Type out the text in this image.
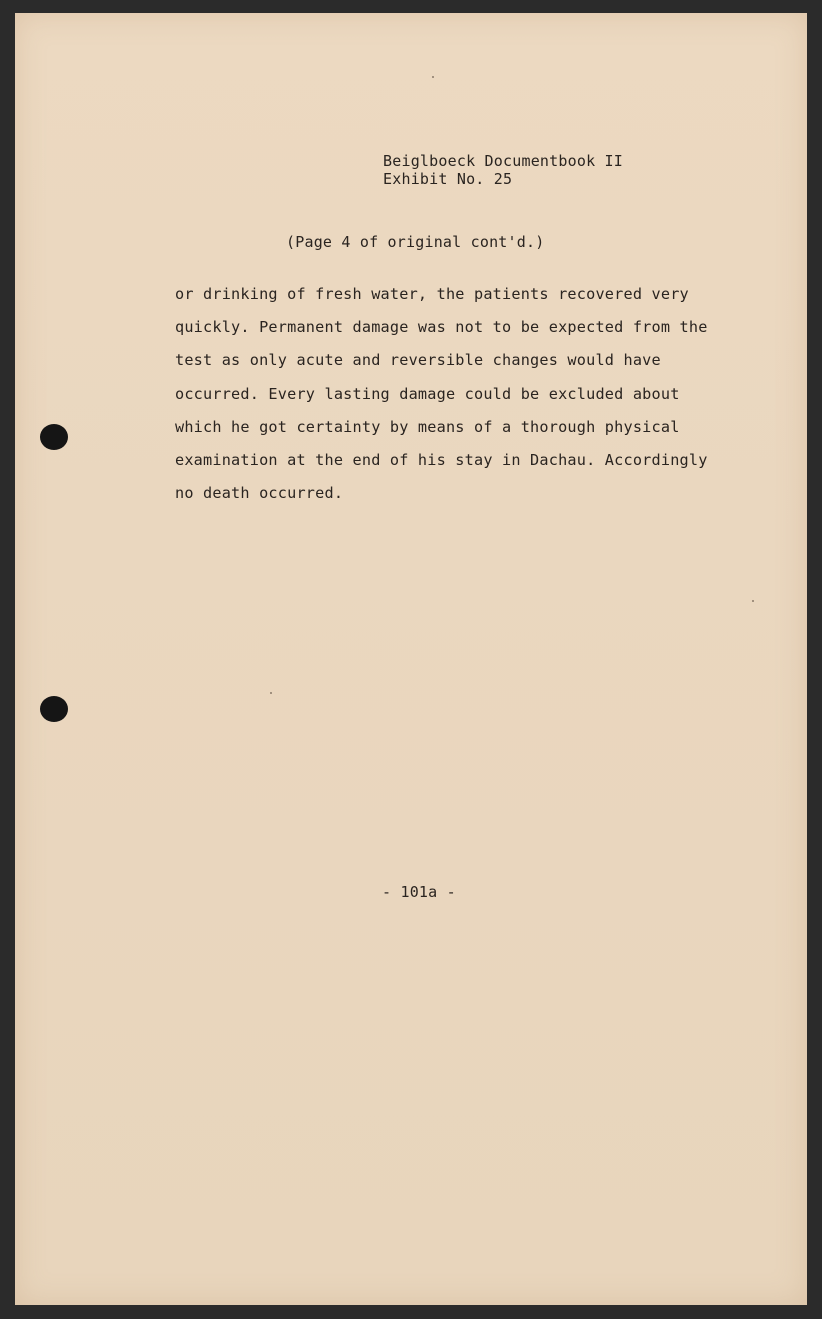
Beiglboeck Documentbook II
Exhibit No. 25
(Page 4 of original cont'd.)
or drinking of fresh water, the patients recovered very
quickly. Permanent damage was not to be expected from the
test as only acute and reversible changes would have
occurred. Every lasting damage could be excluded about
which he got certainty by means of a thorough physical
examination at the end of his stay in Dachau. Accordingly
no death occurred.
- 101a -
